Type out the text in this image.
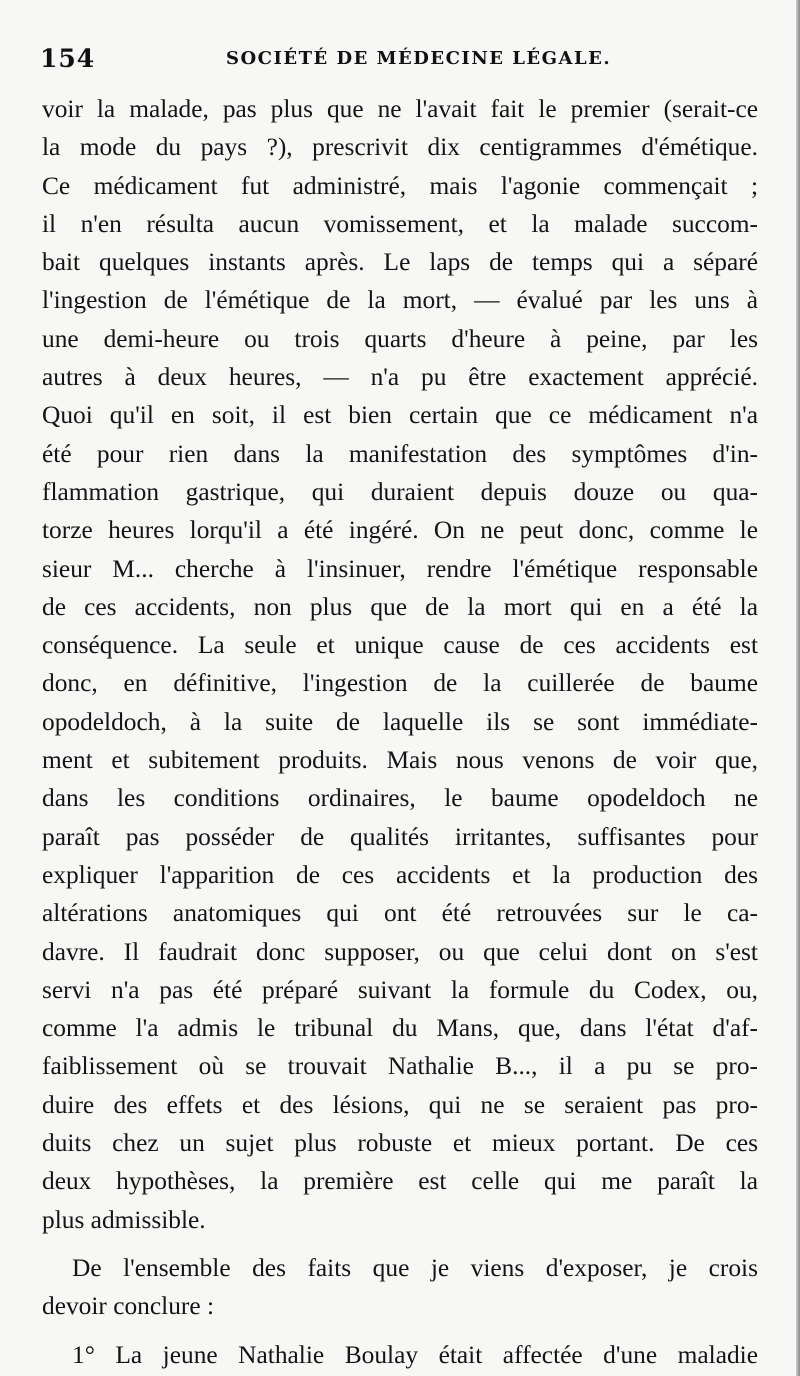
154	SOCIÉTÉ DE MÉDECINE LÉGALE.
voir la malade, pas plus que ne l'avait fait le premier (serait-ce
la mode du pays ?), prescrivit dix centigrammes d'émétique.
Ce médicament fut administré, mais l'agonie commençait ;
il n'en résulta aucun vomissement, et la malade succom-
bait quelques instants après. Le laps de temps qui a séparé
l'ingestion de l'émétique de la mort, — évalué par les uns à
une demi-heure ou trois quarts d'heure à peine, par les
autres à deux heures, — n'a pu être exactement apprécié.
Quoi qu'il en soit, il est bien certain que ce médicament n'a
été pour rien dans la manifestation des symptômes d'in-
flammation gastrique, qui duraient depuis douze ou qua-
torze heures lorqu'il a été ingéré. On ne peut donc, comme le
sieur M... cherche à l'insinuer, rendre l'émétique responsable
de ces accidents, non plus que de la mort qui en a été la
conséquence. La seule et unique cause de ces accidents est
donc, en définitive, l'ingestion de la cuillerée de baume
opodeldoch, à la suite de laquelle ils se sont immédiate-
ment et subitement produits. Mais nous venons de voir que,
dans les conditions ordinaires, le baume opodeldoch ne
paraît pas posséder de qualités irritantes, suffisantes pour
expliquer l'apparition de ces accidents et la production des
altérations anatomiques qui ont été retrouvées sur le ca-
davre. Il faudrait donc supposer, ou que celui dont on s'est
servi n'a pas été préparé suivant la formule du Codex, ou,
comme l'a admis le tribunal du Mans, que, dans l'état d'af-
faiblissement où se trouvait Nathalie B..., il a pu se pro-
duire des effets et des lésions, qui ne se seraient pas pro-
duits chez un sujet plus robuste et mieux portant. De ces
deux hypothèses, la première est celle qui me paraît la
plus admissible.
De l'ensemble des faits que je viens d'exposer, je crois
devoir conclure :
1° La jeune Nathalie Boulay était affectée d'une maladie
